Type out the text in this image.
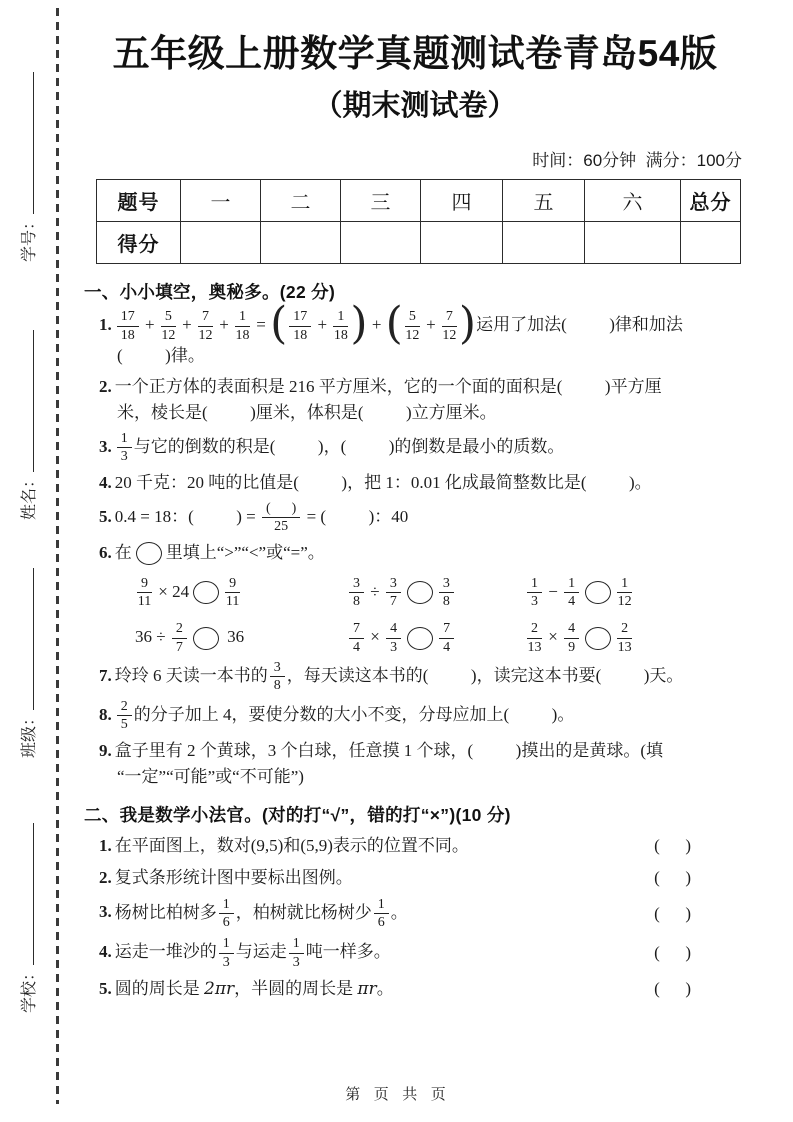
学号：
姓名：
班级：
学校：
五年级上册数学真题测试卷青岛54版
（期末测试卷）
时间：60分钟  满分：100分
题号	一	二	三	四	五	六	总分
得分							
一、小小填空，奥秘多。(22 分)
1. $\frac{17}{18} + \frac{5}{12} + \frac{7}{12} + \frac{1}{18}$ = ( $\frac{17}{18} + \frac{1}{18}$ ) + ( $\frac{5}{12} + \frac{7}{12}$ )运用了加法(          )律和加法
(          )律。
2. 一个正方体的表面积是 216 平方厘米，它的一个面的面积是(          )平方厘
米，棱长是(          )厘米，体积是(          )立方厘米。
3. $\frac{1}{3}$ 与它的倒数的积是(          )，(          )的倒数是最小的质数。
4. 20 千克：20 吨的比值是(          )，把 1：0.01 化成最简整数比是(          )。
5. 0.4 = 18：(          ) = $\frac{( )}{25}$ = (          )：40
6. 在 里填上“>”“<”或“=”。
$\frac{9}{11} \times 24$	$\frac{9}{11}$	$\frac{3}{8} \div \frac{3}{7}$	$\frac{3}{8}$	$\frac{1}{3} - \frac{1}{4}$	$\frac{1}{12}$
$36 \div \frac{2}{7} 36$	$\frac{7}{4} \times \frac{4}{3}$	$\frac{7}{4}$	$\frac{2}{13} \times \frac{4}{9}$	$\frac{2}{13}$
7. 玲玲 6 天读一本书的 $\frac{3}{8}$ ，每天读这本书的(          )，读完这本书要(          )天。
8. $\frac{2}{5}$ 的分子加上 4，要使分数的大小不变，分母应加上(          )。
9. 盒子里有 2 个黄球，3 个白球，任意摸 1 个球，(          )摸出的是黄球。(填
“一定”“可能”或“不可能”)
二、我是数学小法官。(对的打“√”，错的打“×”)(10 分)
1. 在平面图上，数对(9,5)和(5,9)表示的位置不同。	(      )
2. 复式条形统计图中要标出图例。	(      )
3. 杨树比柏树多 $\frac{1}{6}$ ，柏树就比杨树少 $\frac{1}{6}$ 。	(      )
4. 运走一堆沙的 $\frac{1}{3}$ 与运走 $\frac{1}{3}$ 吨一样多。	(      )
5. 圆的周长是 2πr，半圆的周长是 πr。	(      )
第  页  共  页
